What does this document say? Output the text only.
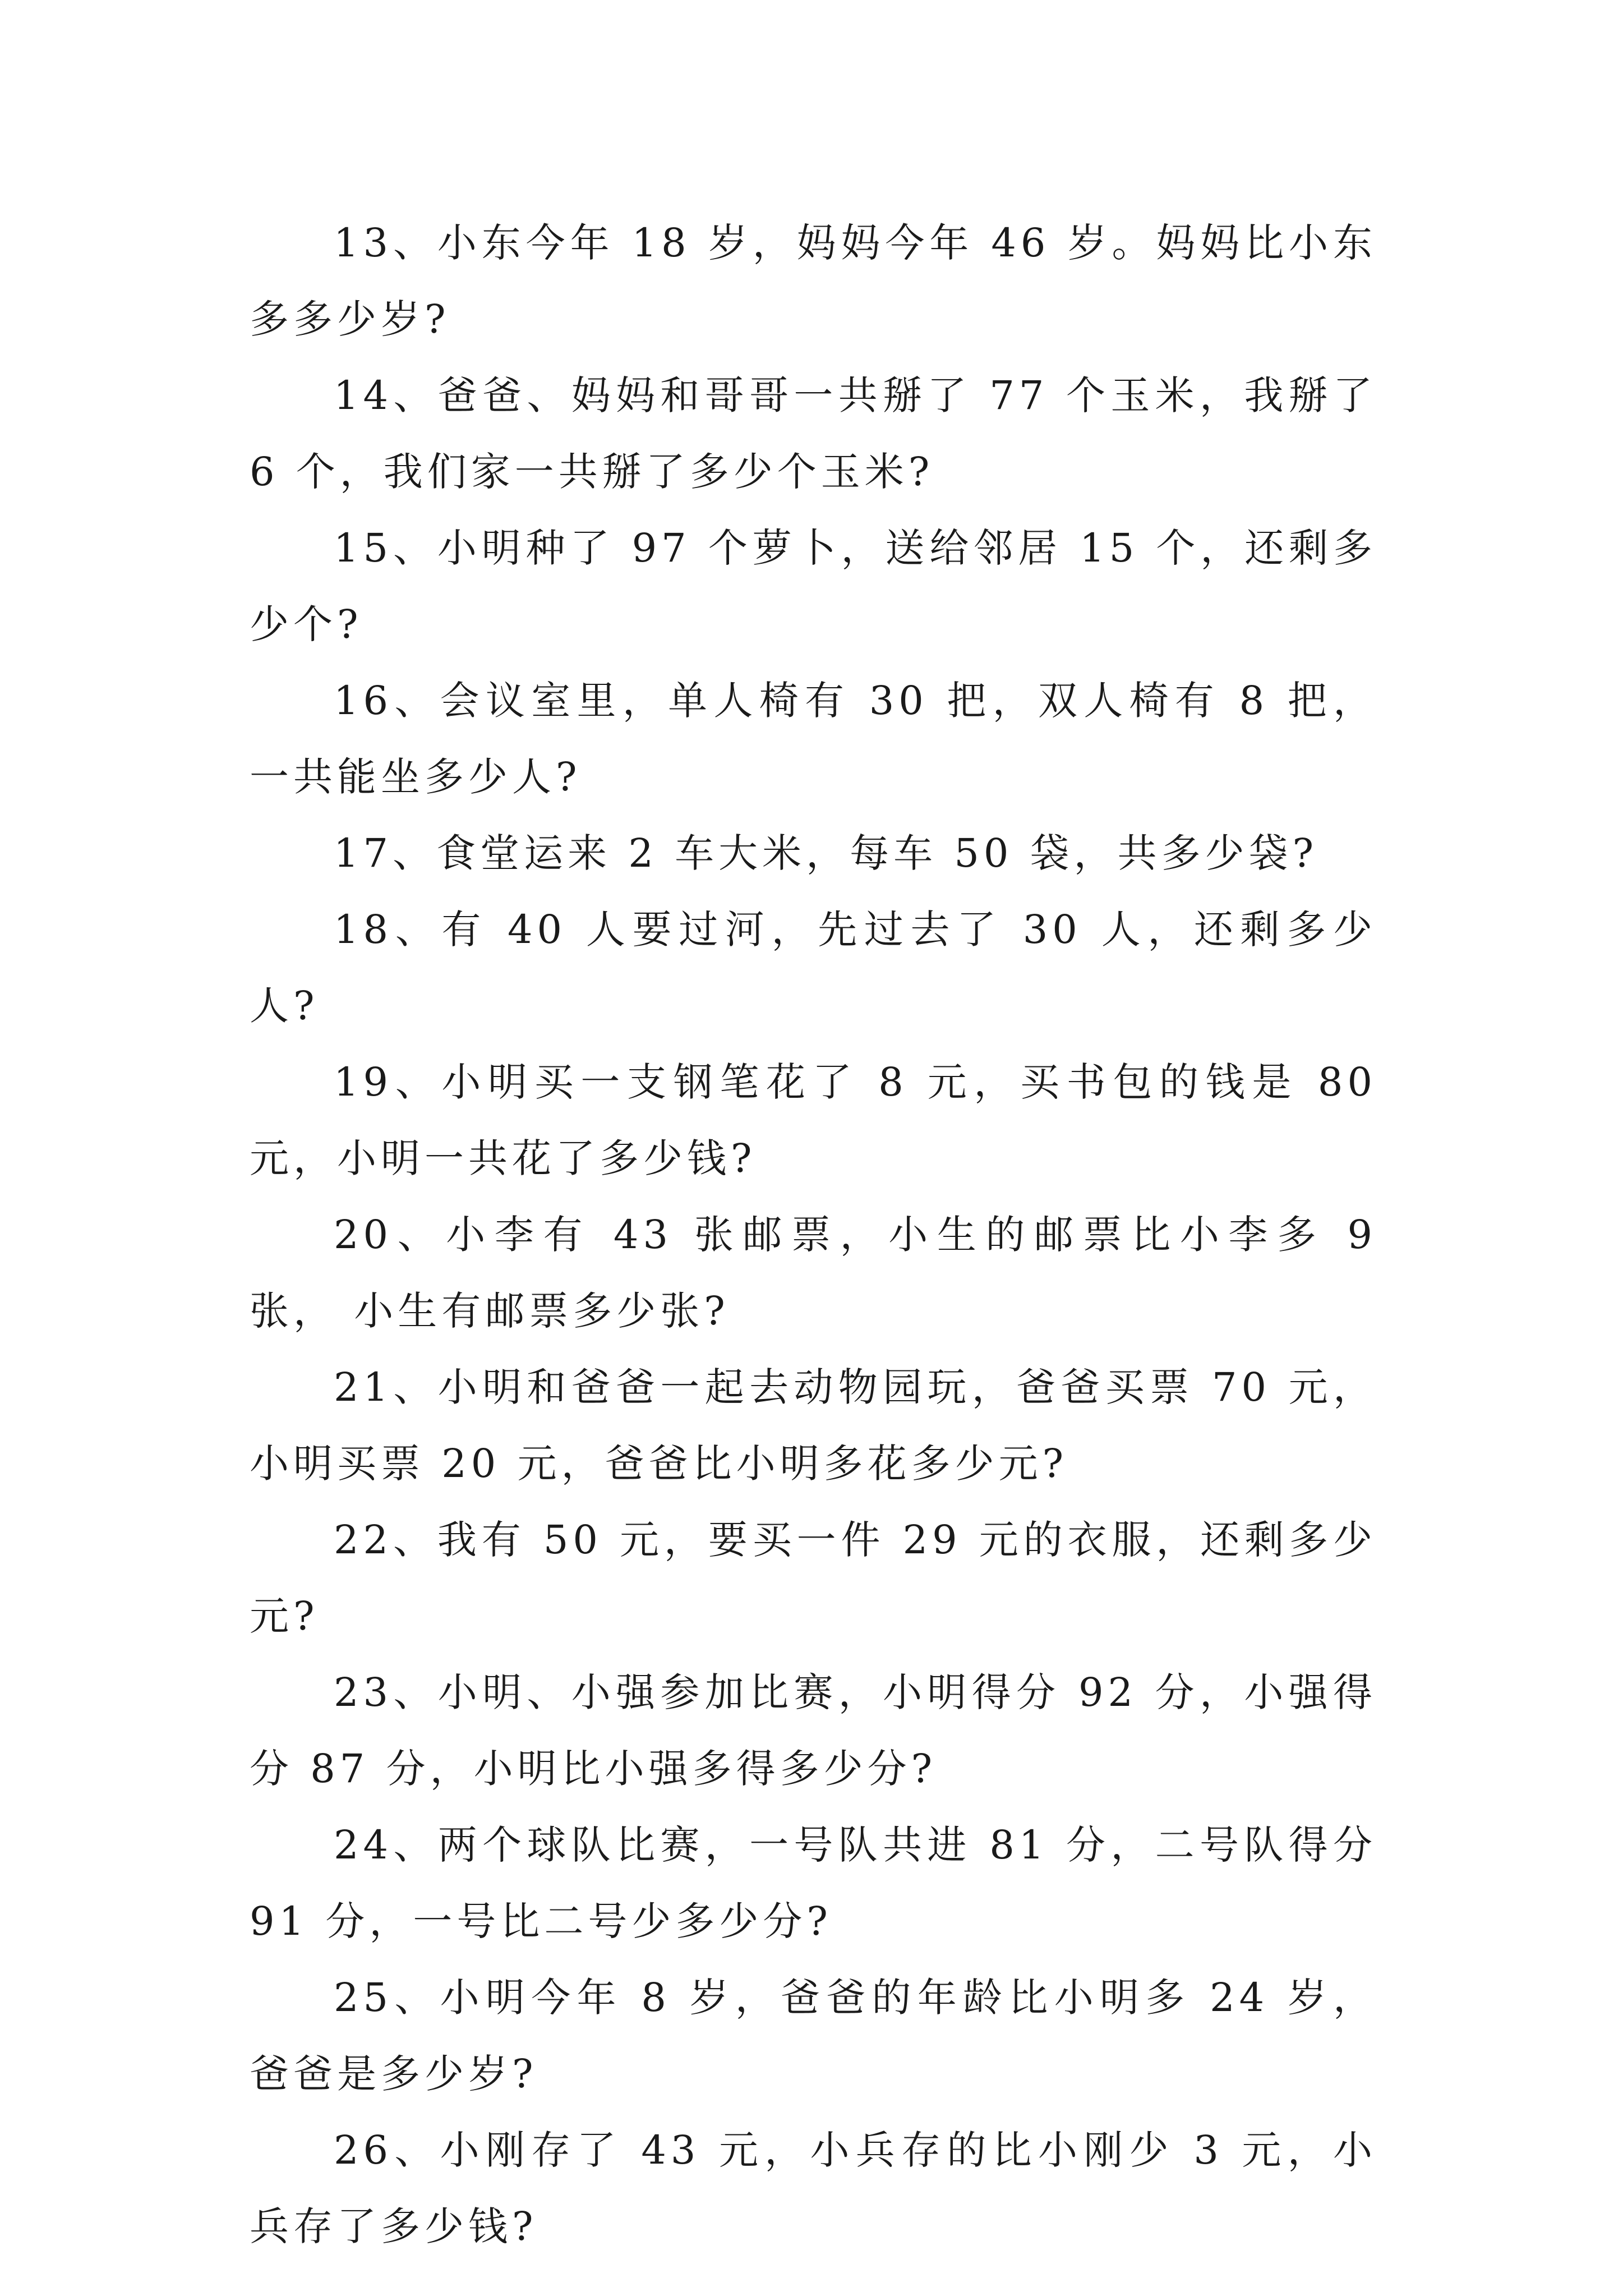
13、小东今年 18 岁，妈妈今年 46 岁。妈妈比小东多多少岁?

14、爸爸、妈妈和哥哥一共掰了 77 个玉米，我掰了 6 个，我们家一共掰了多少个玉米?

15、小明种了 97 个萝卜，送给邻居 15 个，还剩多少个?

16、会议室里，单人椅有 30 把，双人椅有 8 把，一共能坐多少人?

17、食堂运来 2 车大米，每车 50 袋，共多少袋?

18、有 40 人要过河，先过去了 30 人，还剩多少人?

19、小明买一支钢笔花了 8 元，买书包的钱是 80 元，小明一共花了多少钱?

20、小李有 43 张邮票，小生的邮票比小李多 9 张， 小生有邮票多少张?

21、小明和爸爸一起去动物园玩，爸爸买票 70 元，小明买票 20 元，爸爸比小明多花多少元?

22、我有 50 元，要买一件 29 元的衣服，还剩多少元?

23、小明、小强参加比赛，小明得分 92 分，小强得分 87 分，小明比小强多得多少分?

24、两个球队比赛，一号队共进 81 分，二号队得分 91 分，一号比二号少多少分?

25、小明今年 8 岁，爸爸的年龄比小明多 24 岁，爸爸是多少岁?

26、小刚存了 43 元，小兵存的比小刚少 3 元，小兵存了多少钱?
